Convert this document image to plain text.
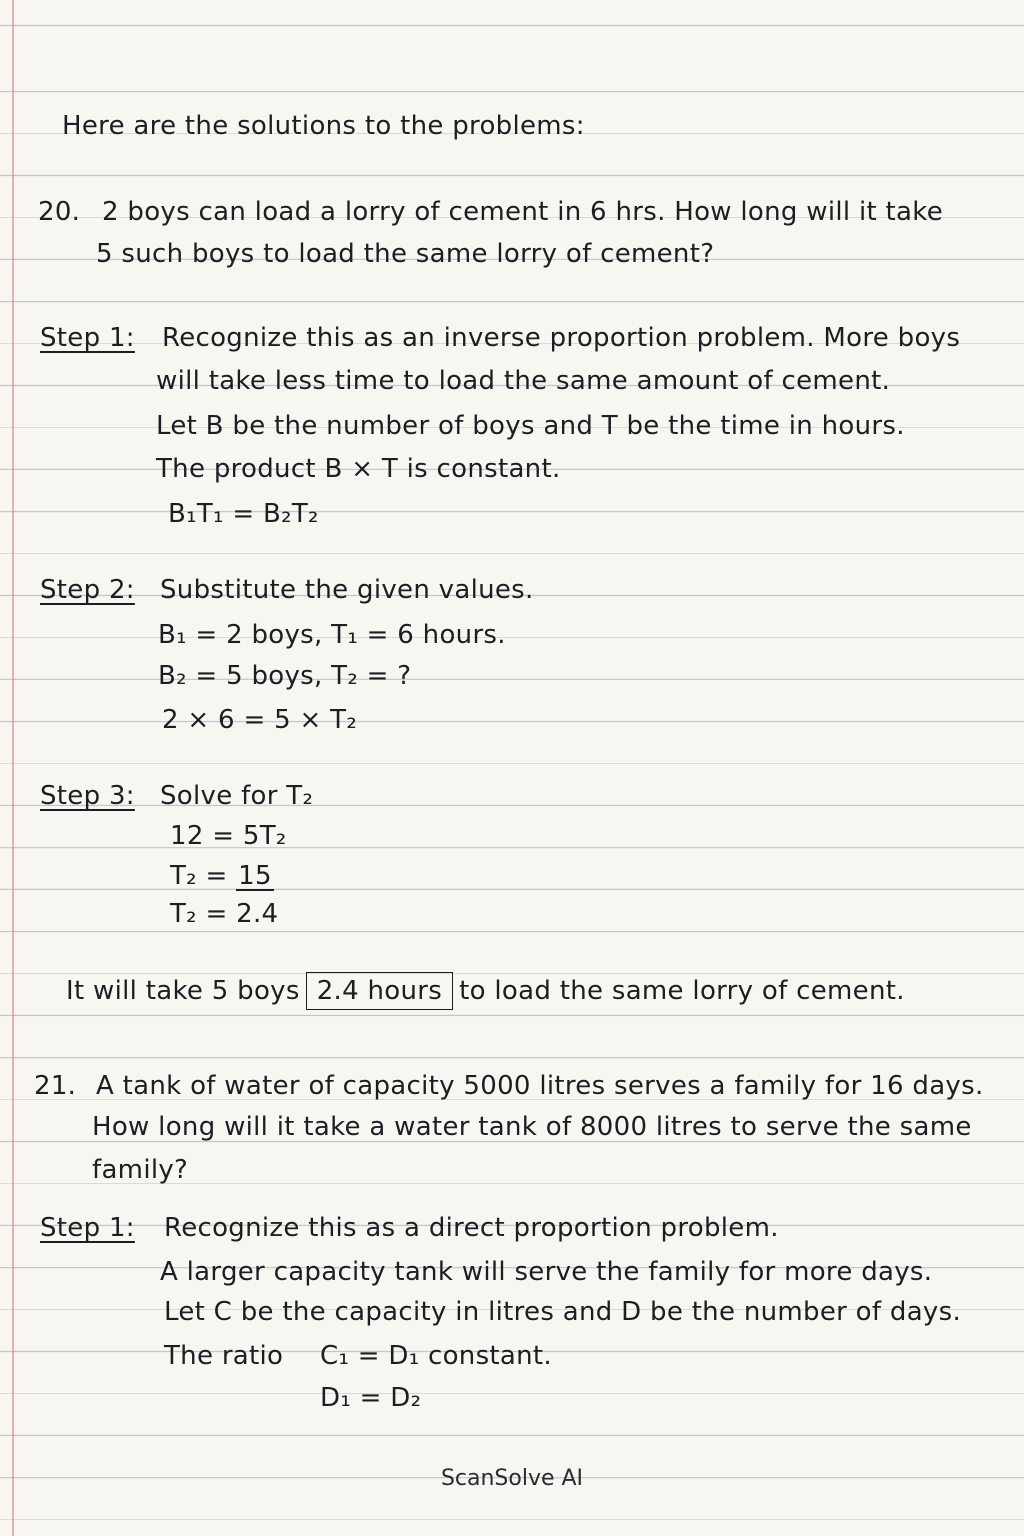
Here are the solutions to the problems:
20. 2 boys can load a lorry of cement in 6 hrs. How long will it take
5 such boys to load the same lorry of cement?
Step 1: Recognize this as an inverse proportion problem. More boys
will take less time to load the same amount of cement.
Let B be the number of boys and T be the time in hours.
The product B × T is constant.
B₁T₁ = B₂T₂
Step 2: Substitute the given values.
B₁ = 2 boys, T₁ = 6 hours.
B₂ = 5 boys, T₂ = ?
2 × 6 = 5 × T₂
Step 3: Solve for T₂
12 = 5T₂
T₂ = 15
T₂ = 2.4
It will take 5 boys 2.4 hours to load the same lorry of cement.
21. A tank of water of capacity 5000 litres serves a family for 16 days.
How long will it take a water tank of 8000 litres to serve the same
family?
Step 1: Recognize this as a direct proportion problem.
A larger capacity tank will serve the family for more days.
Let C be the capacity in litres and D be the number of days.
The ratio C₁ = D₁ constant.
D₁ = D₂
ScanSolve AI
